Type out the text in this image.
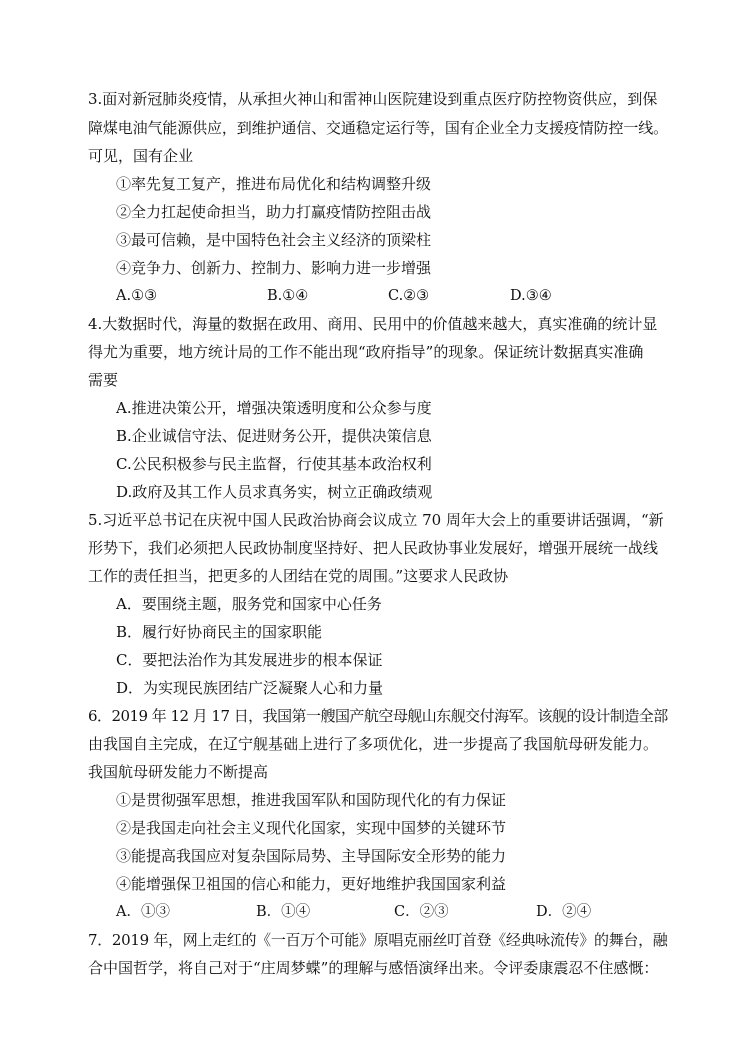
3.面对新冠肺炎疫情，从承担火神山和雷神山医院建设到重点医疗防控物资供应，到保
障煤电油气能源供应，到维护通信、交通稳定运行等，国有企业全力支援疫情防控一线。
可见，国有企业
①率先复工复产，推进布局优化和结构调整升级
②全力扛起使命担当，助力打赢疫情防控阻击战
③最可信赖，是中国特色社会主义经济的顶梁柱
④竞争力、创新力、控制力、影响力进一步增强
A.①③	B.①④	C.②③	D.③④
4.大数据时代，海量的数据在政用、商用、民用中的价值越来越大，真实准确的统计显
得尤为重要，地方统计局的工作不能出现“政府指导”的现象。保证统计数据真实准确
需要
A.推进决策公开，增强决策透明度和公众参与度
B.企业诚信守法、促进财务公开，提供决策信息
C.公民积极参与民主监督，行使其基本政治权利
D.政府及其工作人员求真务实，树立正确政绩观
5.习近平总书记在庆祝中国人民政治协商会议成立 70 周年大会上的重要讲话强调，“新
形势下，我们必须把人民政协制度坚持好、把人民政协事业发展好，增强开展统一战线
工作的责任担当，把更多的人团结在党的周围。”这要求人民政协
A．要围绕主题，服务党和国家中心任务
B．履行好协商民主的国家职能
C．要把法治作为其发展进步的根本保证
D．为实现民族团结广泛凝聚人心和力量
6．2019 年 12 月 17 日，我国第一艘国产航空母舰山东舰交付海军。该舰的设计制造全部
由我国自主完成，在辽宁舰基础上进行了多项优化，进一步提高了我国航母研发能力。
我国航母研发能力不断提高
①是贯彻强军思想，推进我国军队和国防现代化的有力保证
②是我国走向社会主义现代化国家，实现中国梦的关键环节
③能提高我国应对复杂国际局势、主导国际安全形势的能力
④能增强保卫祖国的信心和能力，更好地维护我国国家利益
A．①③	B．①④	C．②③	D．②④
7．2019 年，网上走红的《一百万个可能》原唱克丽丝叮首登《经典咏流传》的舞台，融
合中国哲学，将自己对于“庄周梦蝶”的理解与感悟演绎出来。令评委康震忍不住感慨：
